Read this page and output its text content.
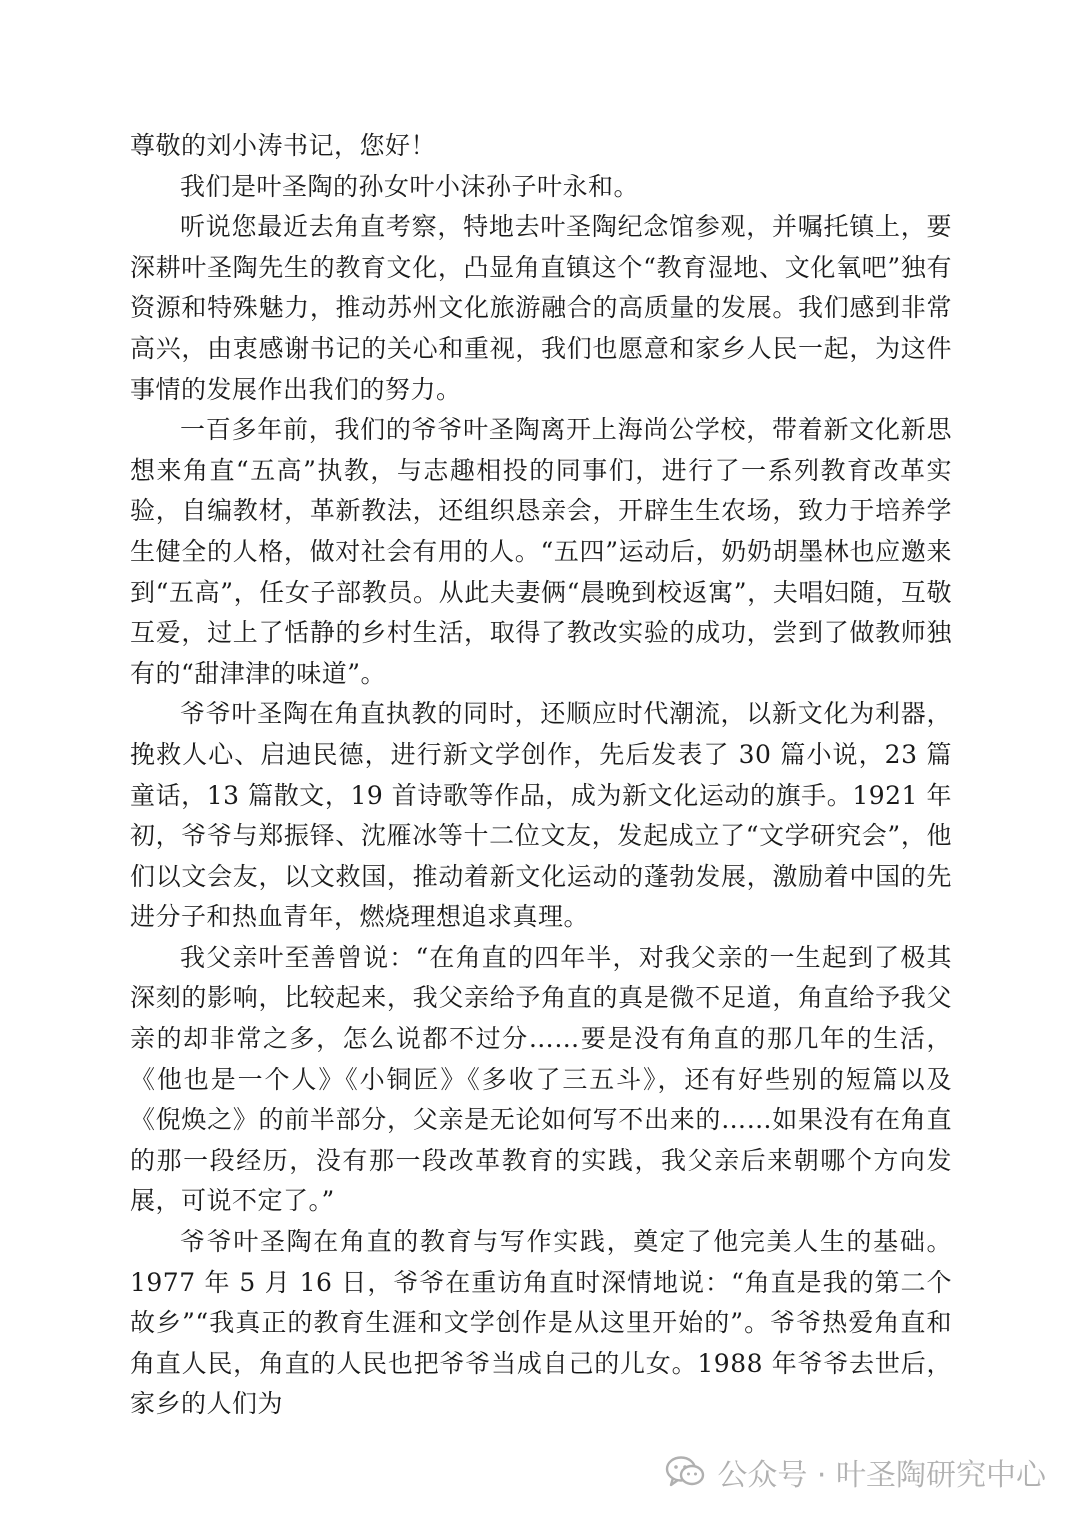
尊敬的刘小涛书记，您好！

我们是叶圣陶的孙女叶小沫孙子叶永和。

听说您最近去角直考察，特地去叶圣陶纪念馆参观，并嘱托镇上，要深耕叶圣陶先生的教育文化，凸显角直镇这个“教育湿地、文化氧吧”独有资源和特殊魅力，推动苏州文化旅游融合的高质量的发展。我们感到非常高兴，由衷感谢书记的关心和重视，我们也愿意和家乡人民一起，为这件事情的发展作出我们的努力。

一百多年前，我们的爷爷叶圣陶离开上海尚公学校，带着新文化新思想来角直“五高”执教，与志趣相投的同事们，进行了一系列教育改革实验，自编教材，革新教法，还组织恳亲会，开辟生生农场，致力于培养学生健全的人格，做对社会有用的人。“五四”运动后，奶奶胡墨林也应邀来到“五高”，任女子部教员。从此夫妻俩“晨晚到校返寓”，夫唱妇随，互敬互爱，过上了恬静的乡村生活，取得了教改实验的成功，尝到了做教师独有的“甜津津的味道”。

爷爷叶圣陶在角直执教的同时，还顺应时代潮流，以新文化为利器，挽救人心、启迪民德，进行新文学创作，先后发表了 30 篇小说，23 篇童话，13 篇散文，19 首诗歌等作品，成为新文化运动的旗手。1921 年初，爷爷与郑振铎、沈雁冰等十二位文友，发起成立了“文学研究会”，他们以文会友，以文救国，推动着新文化运动的蓬勃发展，激励着中国的先进分子和热血青年，燃烧理想追求真理。

我父亲叶至善曾说：“在角直的四年半，对我父亲的一生起到了极其深刻的影响，比较起来，我父亲给予角直的真是微不足道，角直给予我父亲的却非常之多，怎么说都不过分……要是没有角直的那几年的生活，《他也是一个人》《小铜匠》《多收了三五斗》，还有好些别的短篇以及《倪焕之》的前半部分，父亲是无论如何写不出来的……如果没有在角直的那一段经历，没有那一段改革教育的实践，我父亲后来朝哪个方向发展，可说不定了。”

爷爷叶圣陶在角直的教育与写作实践，奠定了他完美人生的基础。1977 年 5 月 16 日，爷爷在重访角直时深情地说：“角直是我的第二个故乡”“我真正的教育生涯和文学创作是从这里开始的”。爷爷热爱角直和角直人民，角直的人民也把爷爷当成自己的儿女。1988 年爷爷去世后，家乡的人们为

公众号 · 叶圣陶研究中心
